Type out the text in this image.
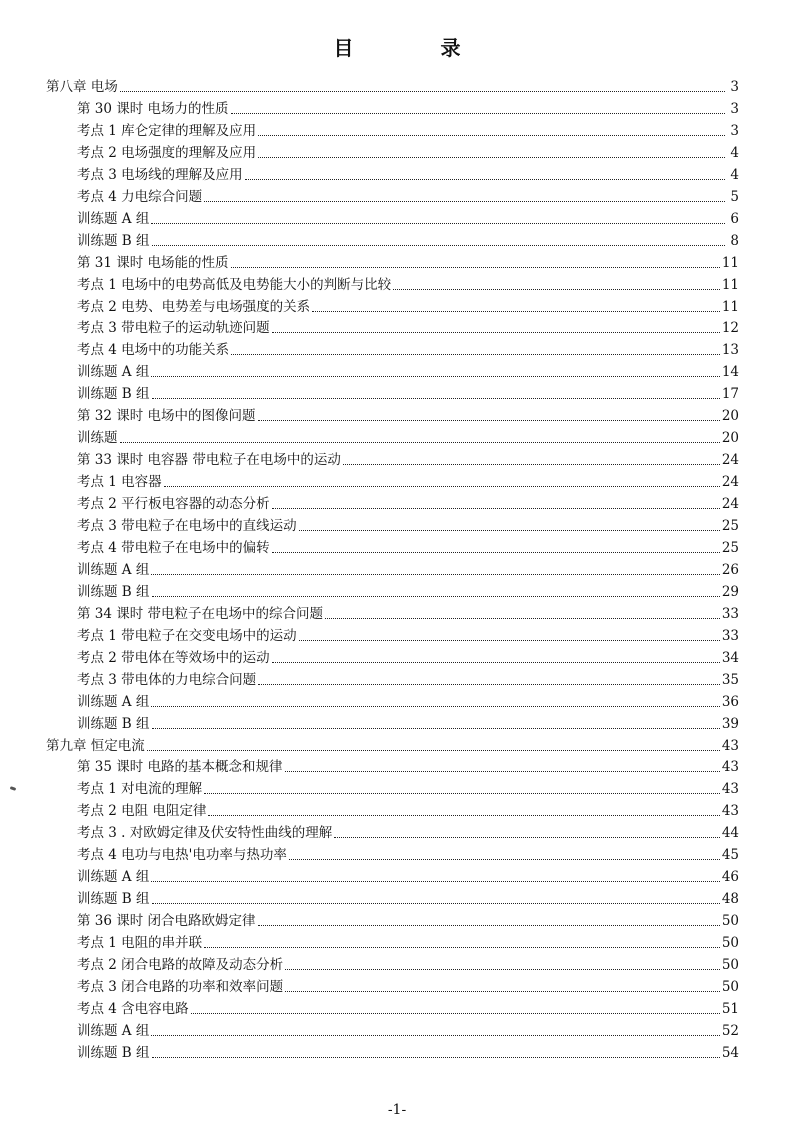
目 录
第八章 电场	3
第 30 课时 电场力的性质	3
考点 1 库仑定律的理解及应用	3
考点 2 电场强度的理解及应用	4
考点 3 电场线的理解及应用	4
考点 4 力电综合问题	5
训练题 A 组	6
训练题 B 组	8
第 31 课时 电场能的性质	11
考点 1 电场中的电势高低及电势能大小的判断与比较	11
考点 2 电势、电势差与电场强度的关系	11
考点 3 带电粒子的运动轨迹问题	12
考点 4 电场中的功能关系	13
训练题 A 组	14
训练题 B 组	17
第 32 课时 电场中的图像问题	20
训练题	20
第 33 课时 电容器 带电粒子在电场中的运动	24
考点 1 电容器	24
考点 2 平行板电容器的动态分析	24
考点 3 带电粒子在电场中的直线运动	25
考点 4 带电粒子在电场中的偏转	25
训练题 A 组	26
训练题 B 组	29
第 34 课时 带电粒子在电场中的综合问题	33
考点 1 带电粒子在交变电场中的运动	33
考点 2 带电体在等效场中的运动	34
考点 3 带电体的力电综合问题	35
训练题 A 组	36
训练题 B 组	39
第九章 恒定电流	43
第 35 课时 电路的基本概念和规律	43
考点 1 对电流的理解	43
考点 2 电阻 电阻定律	43
考点 3 . 对欧姆定律及伏安特性曲线的理解	44
考点 4 电功与电热'电功率与热功率	45
训练题 A 组	46
训练题 B 组	48
第 36 课时 闭合电路欧姆定律	50
考点 1 电阻的串并联	50
考点 2 闭合电路的故障及动态分析	50
考点 3 闭合电路的功率和效率问题	50
考点 4 含电容电路	51
训练题 A 组	52
训练题 B 组	54
-1-
